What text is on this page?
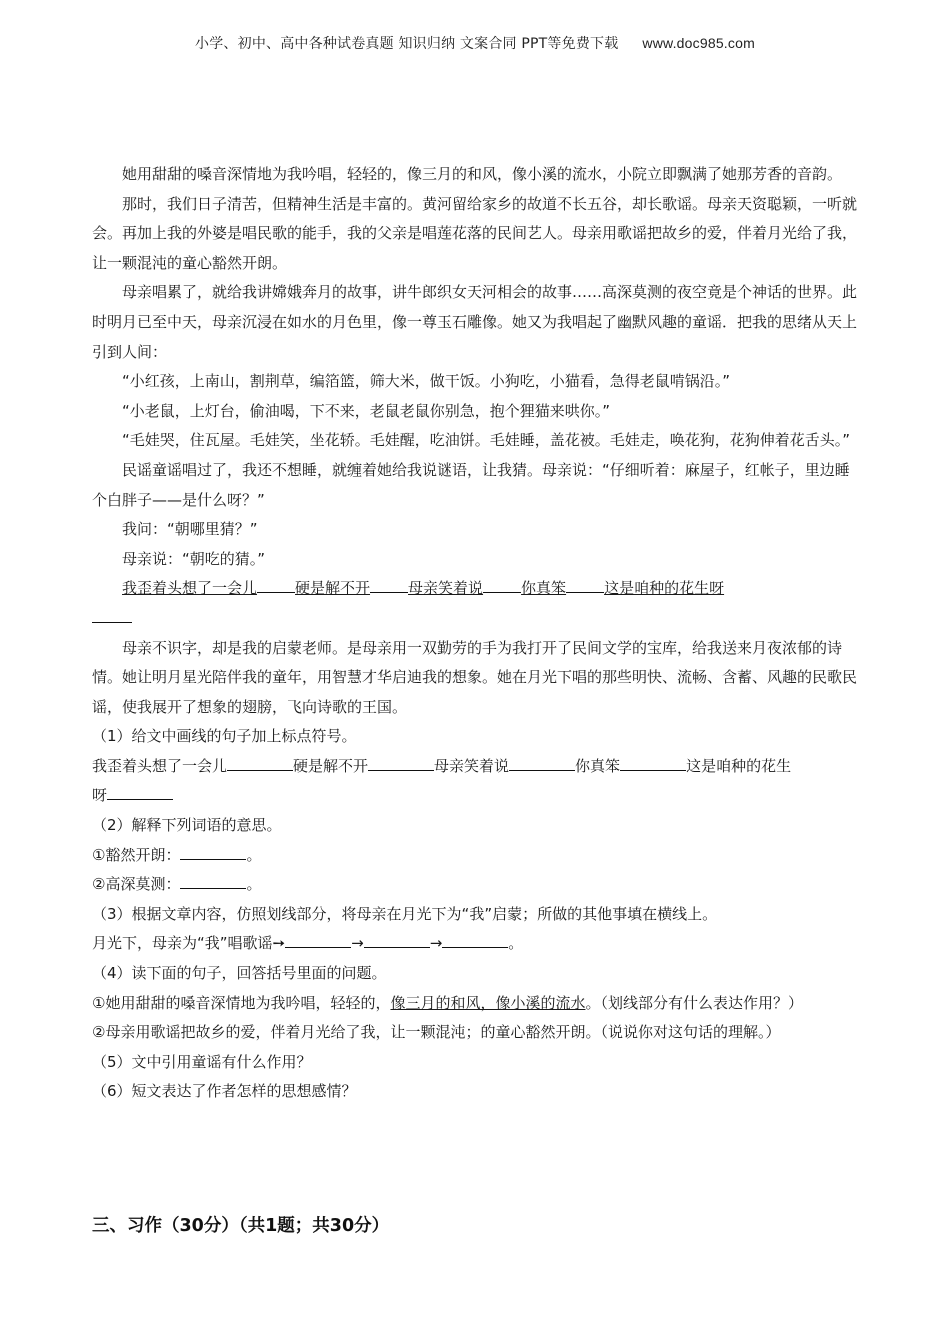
小学、初中、高中各种试卷真题 知识归纳 文案合同 PPT等免费下载 www.doc985.com

她用甜甜的嗓音深情地为我吟唱，轻轻的，像三月的和风，像小溪的流水，小院立即飘满了她那芳香的音韵。

那时，我们日子清苦，但精神生活是丰富的。黄河留给家乡的故道不长五谷，却长歌谣。母亲天资聪颖，一听就会。再加上我的外婆是唱民歌的能手，我的父亲是唱莲花落的民间艺人。母亲用歌谣把故乡的爱，伴着月光给了我，让一颗混沌的童心豁然开朗。

母亲唱累了，就给我讲嫦娥奔月的故事，讲牛郎织女天河相会的故事……高深莫测的夜空竟是个神话的世界。此时明月已至中天，母亲沉浸在如水的月色里，像一尊玉石雕像。她又为我唱起了幽默风趣的童谣．把我的思绪从天上引到人间：

“小红孩，上南山，割荆草，编箔篮，筛大米，做干饭。小狗吃，小猫看，急得老鼠啃锅沿。”

“小老鼠，上灯台，偷油喝，下不来，老鼠老鼠你别急，抱个狸猫来哄你。”

“毛娃哭，住瓦屋。毛娃笑，坐花轿。毛娃醒，吃油饼。毛娃睡，盖花被。毛娃走，唤花狗，花狗伸着花舌头。”

民谣童谣唱过了，我还不想睡，就缠着她给我说谜语，让我猜。母亲说：“仔细听着：麻屋子，红帐子，里边睡个白胖子——是什么呀？”

我问：“朝哪里猜？”

母亲说：“朝吃的猜。”

我歪着头想了一会儿	硬是解不开	母亲笑着说	你真笨	这是咱种的花生呀

母亲不识字，却是我的启蒙老师。是母亲用一双勤劳的手为我打开了民间文学的宝库，给我送来月夜浓郁的诗情。她让明月星光陪伴我的童年，用智慧才华启迪我的想象。她在月光下唱的那些明快、流畅、含蓄、风趣的民歌民谣，使我展开了想象的翅膀，飞向诗歌的王国。

（1）给文中画线的句子加上标点符号。

我歪着头想了一会儿	硬是解不开	母亲笑着说	你真笨	这是咱种的花生

呀

（2）解释下列词语的意思。

①豁然开朗：	。

②高深莫测：	。

（3）根据文章内容，仿照划线部分，将母亲在月光下为“我”启蒙；所做的其他事填在横线上。

月光下，母亲为“我”唱歌谣➙	→	→	。

（4）读下面的句子，回答括号里面的问题。

①她用甜甜的嗓音深情地为我吟唱，轻轻的，像三月的和风，像小溪的流水。（划线部分有什么表达作用？）

②母亲用歌谣把故乡的爱，伴着月光给了我，让一颗混沌；的童心豁然开朗。（说说你对这句话的理解。）

（5）文中引用童谣有什么作用？

（6）短文表达了作者怎样的思想感情？

三、习作（30分）（共1题；共30分）
